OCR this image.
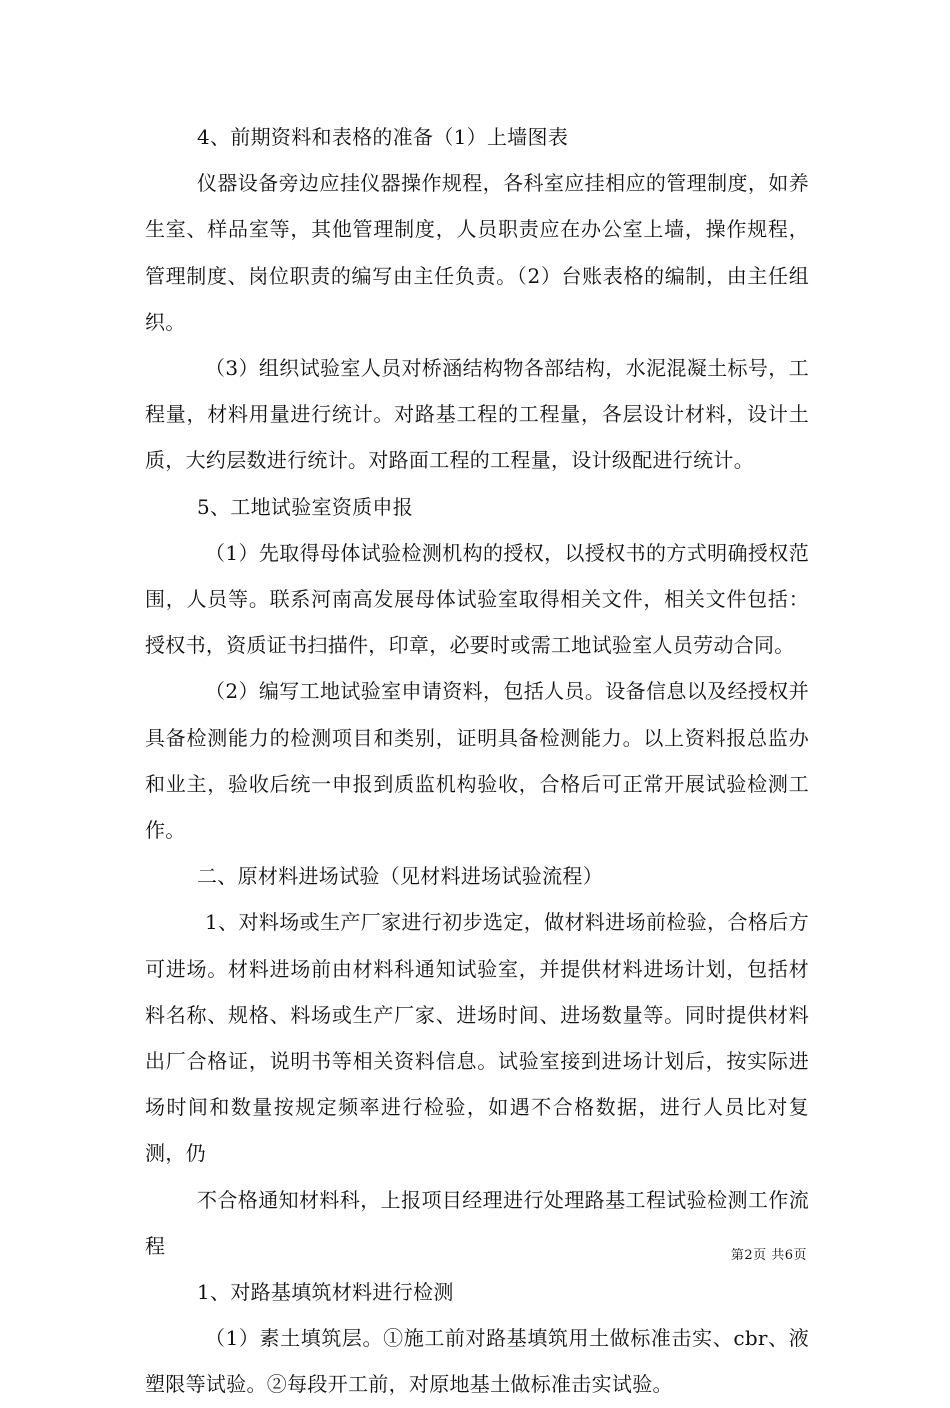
4、前期资料和表格的准备（1）上墙图表

仪器设备旁边应挂仪器操作规程，各科室应挂相应的管理制度，如养生室、样品室等，其他管理制度，人员职责应在办公室上墙，操作规程，管理制度、岗位职责的编写由主任负责。（2）台账表格的编制，由主任组织。

（3）组织试验室人员对桥涵结构物各部结构，水泥混凝土标号，工程量，材料用量进行统计。对路基工程的工程量，各层设计材料，设计土质，大约层数进行统计。对路面工程的工程量，设计级配进行统计。

5、工地试验室资质申报

（1）先取得母体试验检测机构的授权，以授权书的方式明确授权范围，人员等。联系河南高发展母体试验室取得相关文件，相关文件包括：授权书，资质证书扫描件，印章，必要时或需工地试验室人员劳动合同。

（2）编写工地试验室申请资料，包括人员。设备信息以及经授权并具备检测能力的检测项目和类别，证明具备检测能力。以上资料报总监办和业主，验收后统一申报到质监机构验收，合格后可正常开展试验检测工作。

二、原材料进场试验（见材料进场试验流程）

1、对料场或生产厂家进行初步选定，做材料进场前检验，合格后方可进场。材料进场前由材料科通知试验室，并提供材料进场计划，包括材料名称、规格、料场或生产厂家、进场时间、进场数量等。同时提供材料出厂合格证，说明书等相关资料信息。试验室接到进场计划后，按实际进场时间和数量按规定频率进行检验，如遇不合格数据，进行人员比对复测，仍

不合格通知材料科，上报项目经理进行处理路基工程试验检测工作流程

1、对路基填筑材料进行检测

（1）素土填筑层。①施工前对路基填筑用土做标准击实、cbr、液塑限等试验。②每段开工前，对原地基土做标准击实试验。

第2页 共6页
